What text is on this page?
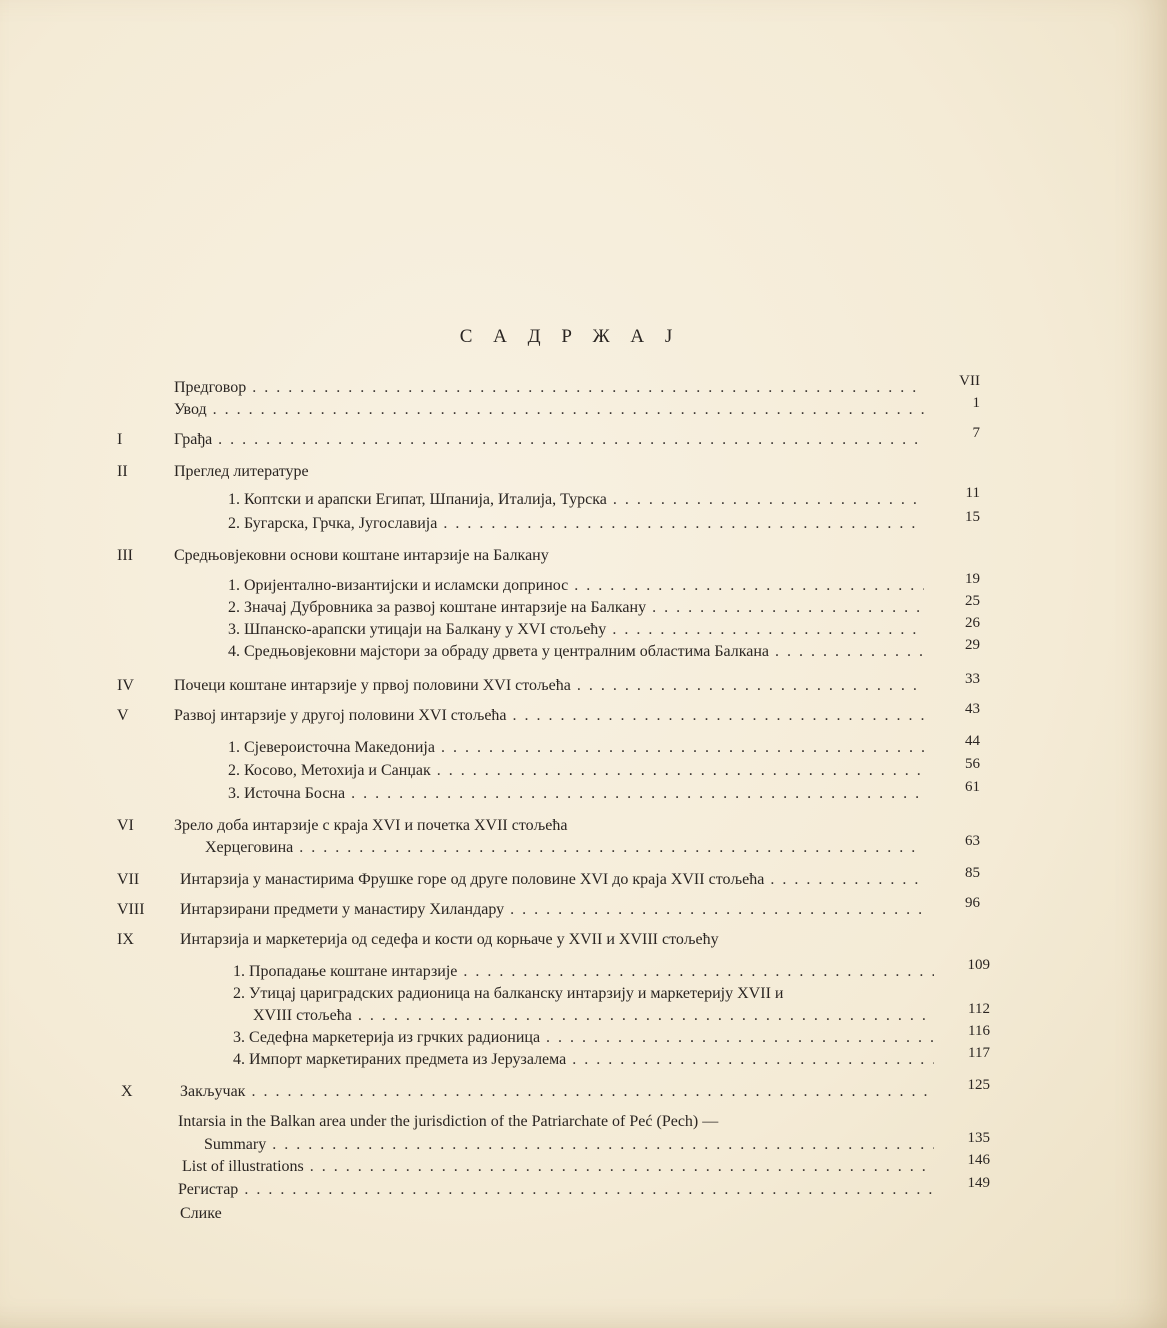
С А Д Р Ж А Ј
Предговор . . .	VII
Увод . . .	1
I	Грађа . . .	7
II	Преглед литературе
1. Коптски и арапски Египат, Шпанија, Италија, Турска . . .	11
2. Бугарска, Грчка, Југославија . . .	15
III	Средњовјековни основи коштане интарзије на Балкану
1. Оријентално-византијски и исламски допринос . . .	19
2. Значај Дубровника за развој коштане интарзије на Балкану . . .	25
3. Шпанско-арапски утицаји на Балкану у XVI стољећу . . .	26
4. Средњовјековни мајстори за обраду дрвета у централним областима Балкана . . .	29
IV	Почеци коштане интарзије у првој половини XVI стољећа . . .	33
V	Развој интарзије у другој половини XVI стољећа . . .	43
1. Сјевероисточна Македонија . . .	44
2. Косово, Метохија и Санџак . . .	56
3. Источна Босна . . .	61
VI	Зрело доба интарзије с краја XVI и почетка XVII стољећа
Херцеговина . . .	63
VII	Интарзија у манастирима Фрушке горе од друге половине XVI до краја XVII стољећа . . .	85
VIII Интарзирани предмети у манастиру Хиландару . . .	96
IX	Интарзија и маркетерија од седефа и кости од корњаче у XVII и XVIII стољећу
1. Пропадање коштане интарзије . . .	109
2. Утицај цариградских радионица на балканску интарзију и маркетерију XVII и
XVIII стољећа . . .	112
3. Седефна маркетерија из грчких радионица . . .	116
4. Импорт маркетираних предмета из Јерузалема . . .	117
X	Закључак . . .	125
Intarsia in the Balkan area under the jurisdiction of the Patriarchate of Peć (Pech) —
Summary . . .	135
List of illustrations . . .	146
Регистар . . .	149
Слике
